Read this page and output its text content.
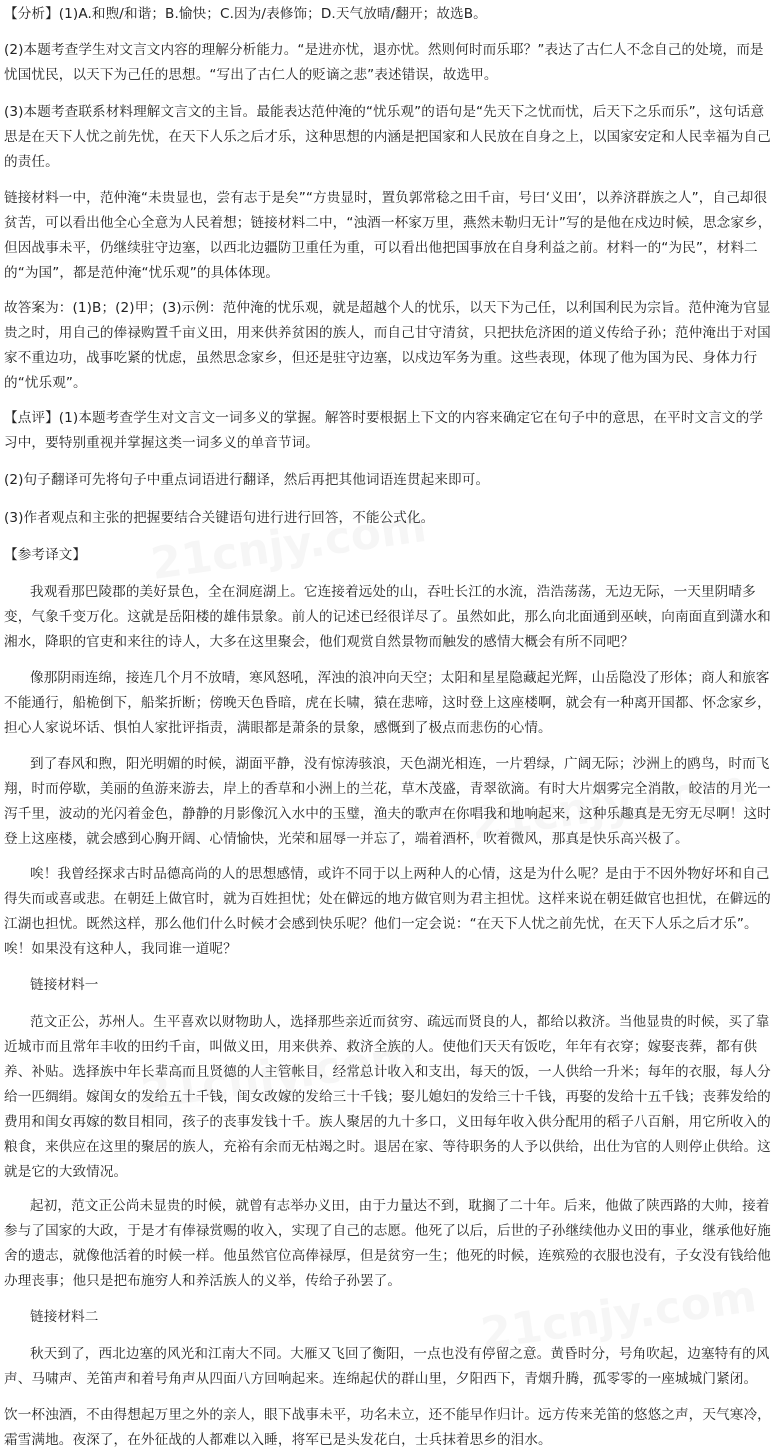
【分析】(1)A.和煦/和谐；B.愉快；C.因为/表修饰；D.天气放晴/翻开；故选B。
(2)本题考查学生对文言文内容的理解分析能力。“是进亦忧，退亦忧。然则何时而乐耶？”表达了古仁人不念自己的处境，而是忧国忧民，以天下为己任的思想。“写出了古仁人的贬谪之悲”表述错误，故选甲。
(3)本题考查联系材料理解文言文的主旨。最能表达范仲淹的“忧乐观”的语句是“先天下之忧而忧，后天下之乐而乐”，这句话意思是在天下人忧之前先忧，在天下人乐之后才乐，这种思想的内涵是把国家和人民放在自身之上，以国家安定和人民幸福为自己的责任。
链接材料一中，范仲淹“未贵显也，尝有志于是矣”“方贵显时，置负郭常稔之田千亩，号曰‘义田’，以养济群族之人”，自己却很贫苦，可以看出他全心全意为人民着想；链接材料二中，“浊酒一杯家万里，燕然未勒归无计”写的是他在戍边时候，思念家乡，但因战事未平，仍继续驻守边塞，以西北边疆防卫重任为重，可以看出他把国事放在自身利益之前。材料一的“为民”，材料二的“为国”，都是范仲淹“忧乐观”的具体体现。
故答案为：(1)B；(2)甲；(3)示例：范仲淹的忧乐观，就是超越个人的忧乐，以天下为己任，以利国利民为宗旨。范仲淹为官显贵之时，用自己的俸禄购置千亩义田，用来供养贫困的族人，而自己甘守清贫，只把扶危济困的道义传给子孙；范仲淹出于对国家不重边功，战事吃紧的忧虑，虽然思念家乡，但还是驻守边塞，以戍边军务为重。这些表现，体现了他为国为民、身体力行的“忧乐观”。
【点评】(1)本题考查学生对文言文一词多义的掌握。解答时要根据上下文的内容来确定它在句子中的意思，在平时文言文的学习中，要特别重视并掌握这类一词多义的单音节词。
(2)句子翻译可先将句子中重点词语进行翻译，然后再把其他词语连贯起来即可。
(3)作者观点和主张的把握要结合关键语句进行进行回答，不能公式化。
【参考译文】
我观看那巴陵郡的美好景色，全在洞庭湖上。它连接着远处的山，吞吐长江的水流，浩浩荡荡，无边无际，一天里阴晴多变，气象千变万化。这就是岳阳楼的雄伟景象。前人的记述已经很详尽了。虽然如此，那么向北面通到巫峡，向南面直到潇水和湘水，降职的官吏和来往的诗人，大多在这里聚会，他们观赏自然景物而触发的感情大概会有所不同吧？
像那阴雨连绵，接连几个月不放晴，寒风怒吼，浑浊的浪冲向天空；太阳和星星隐藏起光辉，山岳隐没了形体；商人和旅客不能通行，船桅倒下，船桨折断；傍晚天色昏暗，虎在长啸，猿在悲啼，这时登上这座楼啊，就会有一种离开国都、怀念家乡，担心人家说坏话、惧怕人家批评指责，满眼都是萧条的景象，感慨到了极点而悲伤的心情。
到了春风和煦，阳光明媚的时候，湖面平静，没有惊涛骇浪，天色湖光相连，一片碧绿，广阔无际；沙洲上的鸥鸟，时而飞翔，时而停歇，美丽的鱼游来游去，岸上的香草和小洲上的兰花，草木茂盛，青翠欲滴。有时大片烟雾完全消散，皎洁的月光一泻千里，波动的光闪着金色，静静的月影像沉入水中的玉璧，渔夫的歌声在你唱我和地响起来，这种乐趣真是无穷无尽啊！这时登上这座楼，就会感到心胸开阔、心情愉快，光荣和屈辱一并忘了，端着酒杯，吹着微风，那真是快乐高兴极了。
唉！我曾经探求古时品德高尚的人的思想感情，或许不同于以上两种人的心情，这是为什么呢？是由于不因外物好坏和自己得失而或喜或悲。在朝廷上做官时，就为百姓担忧；处在僻远的地方做官则为君主担忧。这样来说在朝廷做官也担忧，在僻远的江湖也担忧。既然这样，那么他们什么时候才会感到快乐呢？他们一定会说：“在天下人忧之前先忧，在天下人乐之后才乐”。唉！如果没有这种人，我同谁一道呢？
链接材料一
范文正公，苏州人。生平喜欢以财物助人，选择那些亲近而贫穷、疏远而贤良的人，都给以救济。当他显贵的时候，买了靠近城市而且常年丰收的田约千亩，叫做义田，用来供养、救济全族的人。使他们天天有饭吃，年年有衣穿；嫁娶丧葬，都有供养、补贴。选择族中年长辈高而且贤德的人主管帐目，经常总计收入和支出，每天的饭，一人供给一升米；每年的衣服，每人分给一匹绸绢。嫁闺女的发给五十千钱，闺女改嫁的发给三十千钱；娶儿媳妇的发给三十千钱，再娶的发给十五千钱；丧葬发给的费用和闺女再嫁的数目相同，孩子的丧事发钱十千。族人聚居的九十多口，义田每年收入供分配用的稻子八百斛，用它所收入的粮食，来供应在这里的聚居的族人，充裕有余而无枯竭之时。退居在家、等待职务的人予以供给，出仕为官的人则停止供给。这就是它的大致情况。
起初，范文正公尚未显贵的时候，就曾有志举办义田，由于力量达不到，耽搁了二十年。后来，他做了陕西路的大帅，接着参与了国家的大政，于是才有俸禄赏赐的收入，实现了自己的志愿。他死了以后，后世的子孙继续他办义田的事业，继承他好施舍的遗志，就像他活着的时候一样。他虽然官位高俸禄厚，但是贫穷一生；他死的时候，连殡殓的衣服也没有，子女没有钱给他办理丧事；他只是把布施穷人和养活族人的义举，传给子孙罢了。
链接材料二
秋天到了，西北边塞的风光和江南大不同。大雁又飞回了衡阳，一点也没有停留之意。黄昏时分，号角吹起，边塞特有的风声、马啸声、羌笛声和着号角声从四面八方回响起来。连绵起伏的群山里，夕阳西下，青烟升腾，孤零零的一座城城门紧闭。
饮一杯浊酒，不由得想起万里之外的亲人，眼下战事未平，功名未立，还不能早作归计。远方传来羌笛的悠悠之声，天气寒冷，霜雪满地。夜深了，在外征战的人都难以入睡，将军已是头发花白，士兵抹着思乡的泪水。
